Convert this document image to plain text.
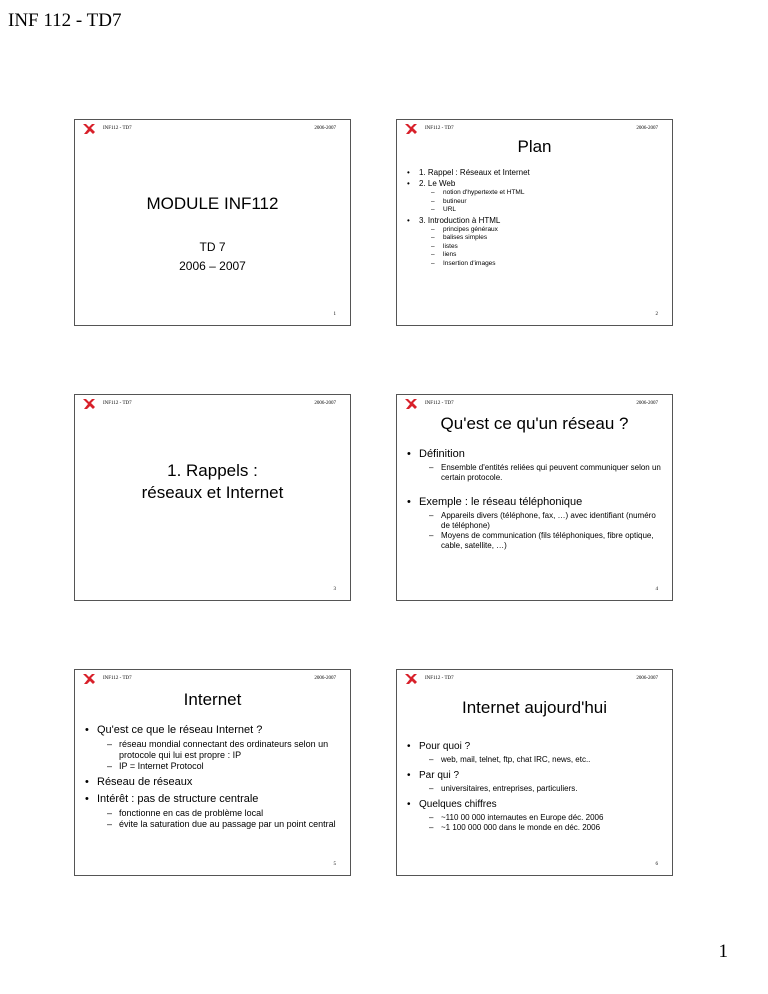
INF 112 - TD7
INF112 - TD7	2006-2007
MODULE INF112
TD 7
2006 – 2007
1
INF112 - TD7	2006-2007
Plan
• 1. Rappel : Réseaux et Internet
• 2. Le Web
– notion d'hypertexte et HTML
– butineur
– URL
• 3. Introduction à HTML
– principes généraux
– balises simples
– listes
– liens
– Insertion d'images
2
INF112 - TD7	2006-2007
1. Rappels :
réseaux et Internet
3
INF112 - TD7	2006-2007
Qu'est ce qu'un réseau ?
• Définition
– Ensemble d'entités reliées qui peuvent communiquer selon un certain protocole.
• Exemple : le réseau téléphonique
– Appareils divers (téléphone, fax, …) avec identifiant (numéro de téléphone)
– Moyens de communication (fils téléphoniques, fibre optique, cable, satellite, …)
4
INF112 - TD7	2006-2007
Internet
• Qu'est ce que le réseau Internet ?
– réseau mondial connectant des ordinateurs selon un protocole qui lui est propre : IP
– IP = Internet Protocol
• Réseau de réseaux
• Intérêt : pas de structure centrale
– fonctionne en cas de problème local
– évite la saturation due au passage par un point central
5
INF112 - TD7	2006-2007
Internet aujourd'hui
• Pour quoi ?
– web, mail, telnet, ftp, chat IRC, news, etc..
• Par qui ?
– universitaires, entreprises, particuliers.
• Quelques chiffres
– ~110 00 000 internautes en Europe déc. 2006
– ~1 100 000 000 dans le monde en déc. 2006
6
1
